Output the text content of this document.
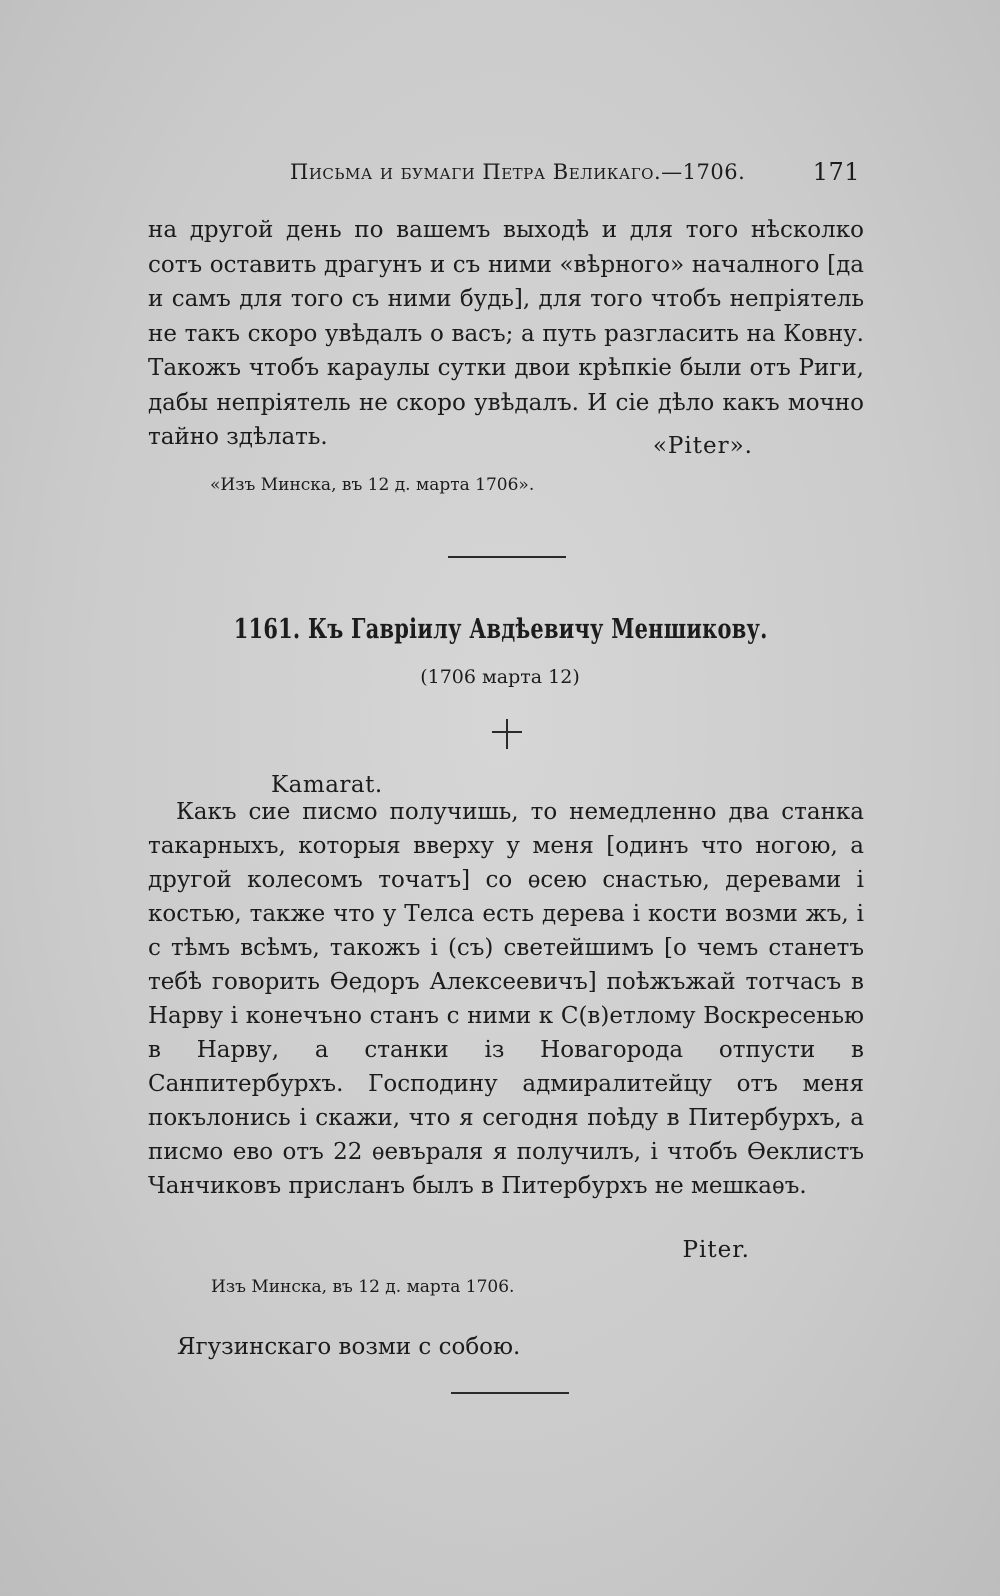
Письма и бумаги Петра Великаго.—1706.	171

на другой день по вашемъ выходѣ и для того нѣсколко сотъ оставить драгунъ и съ ними «вѣрного» началного [да и самъ для того съ ними будь], для того чтобъ непріятель не такъ скоро увѣдалъ о васъ; а путь разгласить на Ковну. Такожъ чтобъ караулы сутки двои крѣпкіе были отъ Риги, дабы непріятель не скоро увѣдалъ. И сіе дѣло какъ мочно тайно здѣлать.	«Piter».
«Изъ Минска, въ 12 д. марта 1706».
1161. Къ Гавріилу Авдѣевичу Меншикову.
(1706 марта 12)
Kamarat.

Какъ сие писмо получишь, то немедленно два станка такарныхъ, которыя вверху у меня [одинъ что ногою, а другой колесомъ точатъ] со ѳсею снастью, деревами і костью, также что у Телса есть дерева і кости возми жъ, і с тѣмъ всѣмъ, такожъ і (съ) светейшимъ [о чемъ станетъ тебѣ говорить Ѳедоръ Алексеевичъ] поѣжъжай тотчасъ в Нарву і конечъно станъ с ними к С(в)етлому Воскресенью в Нарву, а станки із Новагорода отпусти в Санпитербурхъ. Господину адмиралитейцу отъ меня покълонись і скажи, что я сегодня поѣду в Питербурхъ, а писмо ево отъ 22 ѳевъраля я получилъ, і чтобъ Ѳеклистъ Чанчиковъ присланъ былъ в Питербурхъ не мешкаѳъ.

Piter.
Изъ Минска, въ 12 д. марта 1706.
Ягузинскаго возми с собою.
